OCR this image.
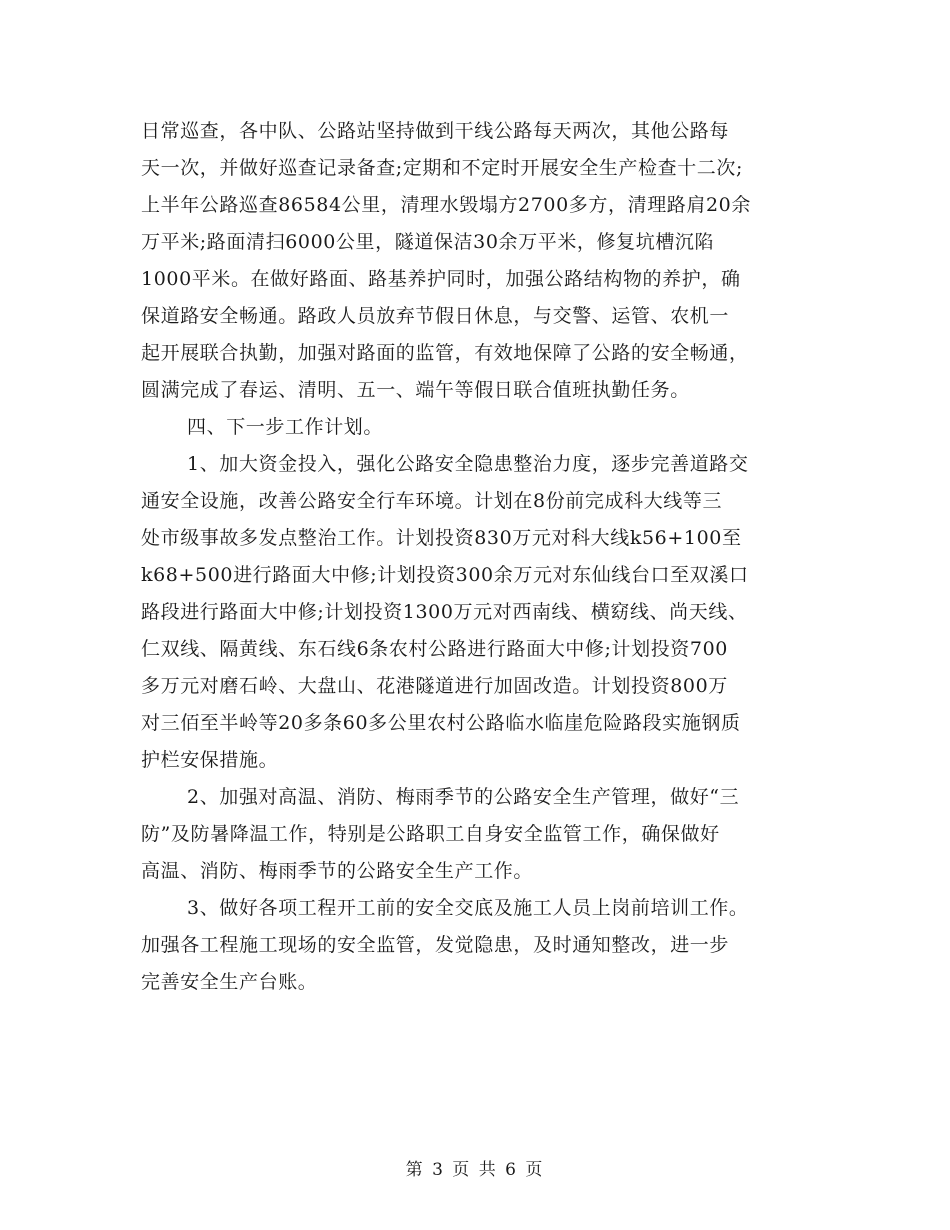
日常巡查，各中队、公路站坚持做到干线公路每天两次，其他公路每
天一次，并做好巡查记录备查;定期和不定时开展安全生产检查十二次;
上半年公路巡查86584公里，清理水毁塌方2700多方，清理路肩20余
万平米;路面清扫6000公里，隧道保洁30余万平米，修复坑槽沉陷
1000平米。在做好路面、路基养护同时，加强公路结构物的养护，确
保道路安全畅通。路政人员放弃节假日休息，与交警、运管、农机一
起开展联合执勤，加强对路面的监管，有效地保障了公路的安全畅通，
圆满完成了春运、清明、五一、端午等假日联合值班执勤任务。
四、下一步工作计划。
1、加大资金投入，强化公路安全隐患整治力度，逐步完善道路交
通安全设施，改善公路安全行车环境。计划在8份前完成科大线等三
处市级事故多发点整治工作。计划投资830万元对科大线k56+100至
k68+500进行路面大中修;计划投资300余万元对东仙线台口至双溪口
路段进行路面大中修;计划投资1300万元对西南线、横窈线、尚天线、
仁双线、隔黄线、东石线6条农村公路进行路面大中修;计划投资700
多万元对磨石岭、大盘山、花港隧道进行加固改造。计划投资800万
对三佰至半岭等20多条60多公里农村公路临水临崖危险路段实施钢质
护栏安保措施。
2、加强对高温、消防、梅雨季节的公路安全生产管理，做好“三
防”及防暑降温工作，特别是公路职工自身安全监管工作，确保做好
高温、消防、梅雨季节的公路安全生产工作。
3、做好各项工程开工前的安全交底及施工人员上岗前培训工作。
加强各工程施工现场的安全监管，发觉隐患，及时通知整改，进一步
完善安全生产台账。
第 3 页 共 6 页
